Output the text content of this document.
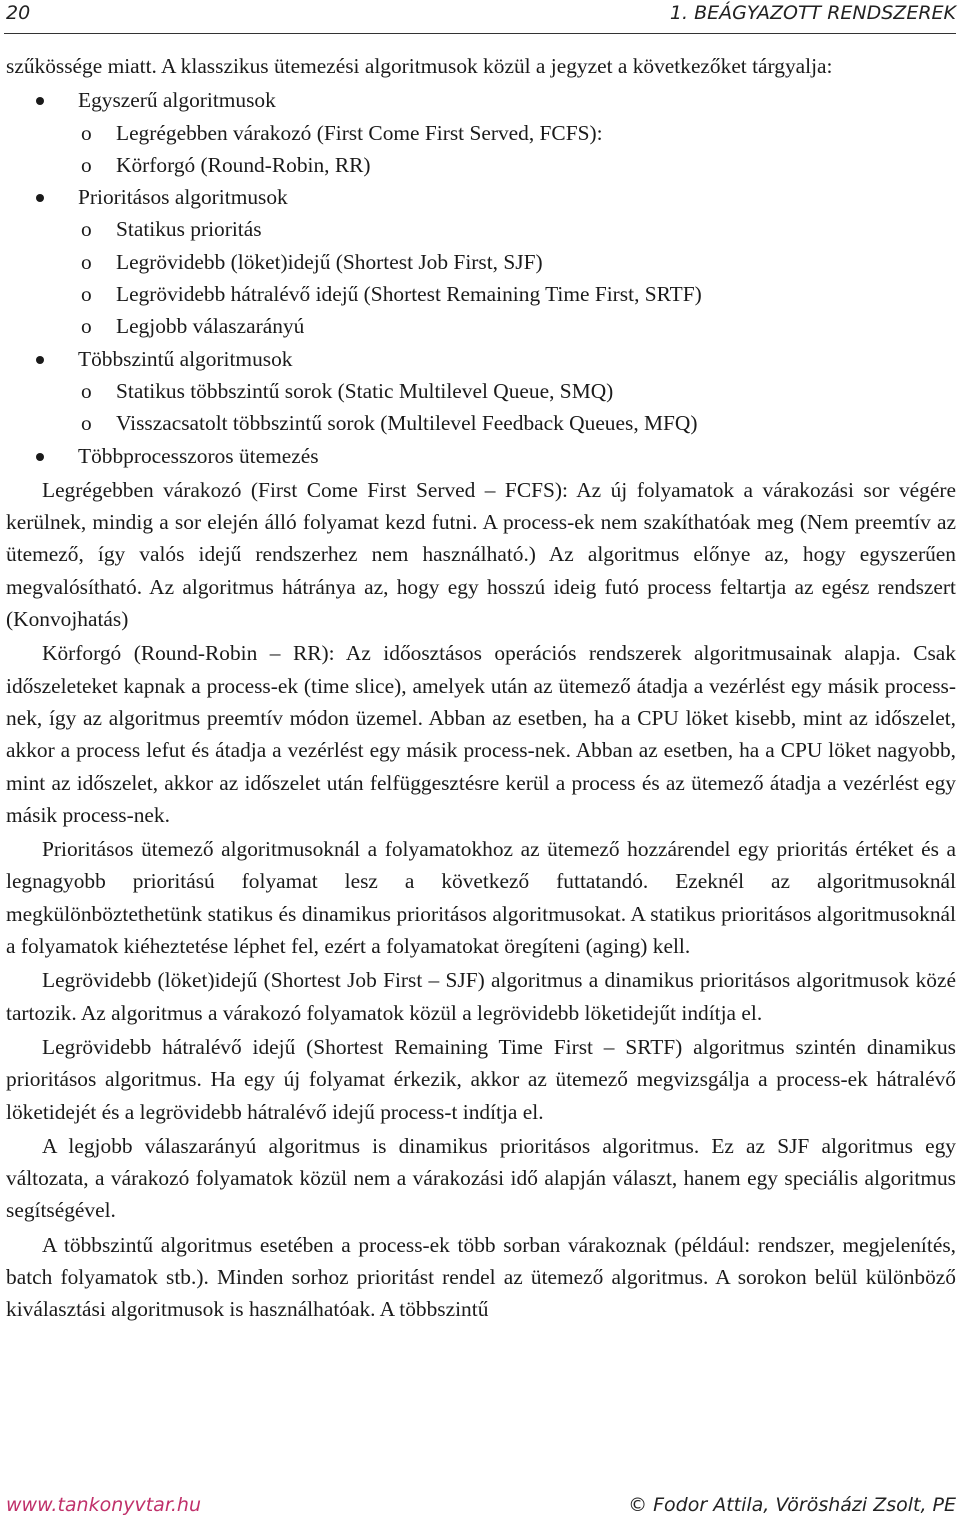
20	1. BEÁGYAZOTT RENDSZEREK

szűkössége miatt. A klasszikus ütemezési algoritmusok közül a jegyzet a következőket tárgyalja:

Egyszerű algoritmusok
o Legrégebben várakozó (First Come First Served, FCFS):
o Körforgó (Round-Robin, RR)
Prioritásos algoritmusok
o Statikus prioritás
o Legrövidebb (löket)idejű (Shortest Job First, SJF)
o Legrövidebb hátralévő idejű (Shortest Remaining Time First, SRTF)
o Legjobb válaszarányú
Többszintű algoritmusok
o Statikus többszintű sorok (Static Multilevel Queue, SMQ)
o Visszacsatolt többszintű sorok (Multilevel Feedback Queues, MFQ)
Többprocesszoros ütemezés

Legrégebben várakozó (First Come First Served – FCFS): Az új folyamatok a várakozási sor végére kerülnek, mindig a sor elején álló folyamat kezd futni. A process-ek nem szakíthatóak meg (Nem preemtív az ütemező, így valós idejű rendszerhez nem használható.) Az algoritmus előnye az, hogy egyszerűen megvalósítható. Az algoritmus hátránya az, hogy egy hosszú ideig futó process feltartja az egész rendszert (Konvojhatás)

Körforgó (Round-Robin – RR): Az időosztásos operációs rendszerek algoritmusainak alapja. Csak időszeleteket kapnak a process-ek (time slice), amelyek után az ütemező átadja a vezérlést egy másik process-nek, így az algoritmus preemtív módon üzemel. Abban az esetben, ha a CPU löket kisebb, mint az időszelet, akkor a process lefut és átadja a vezérlést egy másik process-nek. Abban az esetben, ha a CPU löket nagyobb, mint az időszelet, akkor az időszelet után felfüggesztésre kerül a process és az ütemező átadja a vezérlést egy másik process-nek.

Prioritásos ütemező algoritmusoknál a folyamatokhoz az ütemező hozzárendel egy prioritás értéket és a legnagyobb prioritású folyamat lesz a következő futtatandó. Ezeknél az algoritmusoknál megkülönböztethetünk statikus és dinamikus prioritásos algoritmusokat. A statikus prioritásos algoritmusoknál a folyamatok kiéheztetése léphet fel, ezért a folyamatokat öregíteni (aging) kell.

Legrövidebb (löket)idejű (Shortest Job First – SJF) algoritmus a dinamikus prioritásos algoritmusok közé tartozik. Az algoritmus a várakozó folyamatok közül a legrövidebb löketidejűt indítja el.

Legrövidebb hátralévő idejű (Shortest Remaining Time First – SRTF) algoritmus szintén dinamikus prioritásos algoritmus. Ha egy új folyamat érkezik, akkor az ütemező megvizsgálja a process-ek hátralévő löketidejét és a legrövidebb hátralévő idejű process-t indítja el.

A legjobb válaszarányú algoritmus is dinamikus prioritásos algoritmus. Ez az SJF algoritmus egy változata, a várakozó folyamatok közül nem a várakozási idő alapján választ, hanem egy speciális algoritmus segítségével.

A többszintű algoritmus esetében a process-ek több sorban várakoznak (például: rendszer, megjelenítés, batch folyamatok stb.). Minden sorhoz prioritást rendel az ütemező algoritmus. A sorokon belül különböző kiválasztási algoritmusok is használhatóak. A többszintű

www.tankonyvtar.hu	© Fodor Attila, Vörösházi Zsolt, PE
